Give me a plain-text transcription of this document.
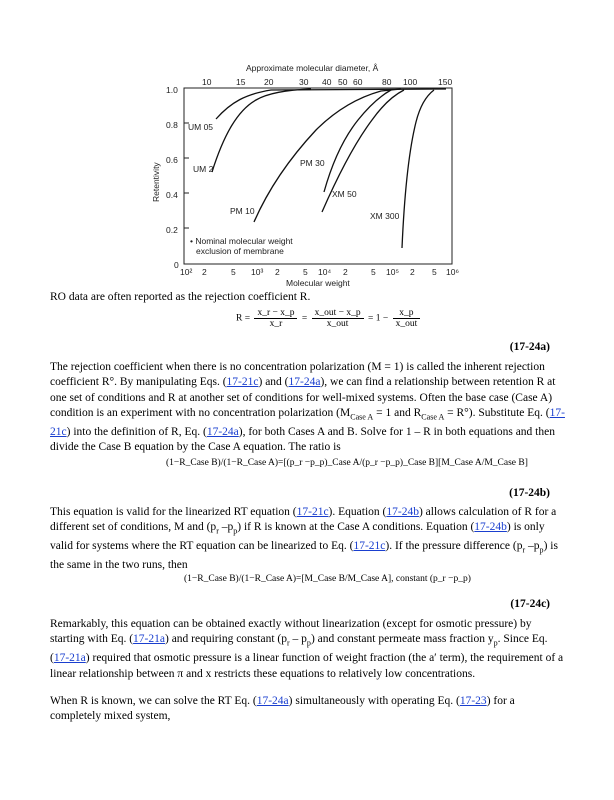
Approximate molecular diameter, Å
10	15 20	30 40 50 60 80 100 150
1.0
0.8
0.6
0.4
0.2
0
Retentivity
10² 2	5 10³ 2	5 10⁴ 2	5 10⁵ 2 5 10⁶
Molecular weight
UM 05
UM 2
PM 30
XM 50
PM 10	XM 300
• Nominal molecular weight
exclusion of membrane
RO data are often reported as the rejection coefficient R.
$R = \frac{x\_r - x\_p}{x\_r} = \frac{\text{x\_out − x\_p}}{\text{x\_out}} = 1 - \frac{x\_p}{\text{x\_out}}$
(17-24a)
The rejection coefficient when there is no concentration polarization (M = 1) is called the inherent rejection coefficient R°. By manipulating Eqs. (17-21c) and (17-24a), we can find a relationship between retention R at one set of conditions and R at another set of conditions for well-mixed systems. Often the base case (Case A) condition is an experiment with no concentration polarization ($M_{Case A} = 1$ and $R_{Case A} = R^\circ$). Substitute Eq. (17-21c) into the definition of R, Eq. (17-24a), for both Cases A and B. Solve for 1 – R in both equations and then divide the Case B equation by the Case A equation. The ratio is
(1−R_Case B)/(1−R_Case A)=[(p_r −p_p)_Case A/(p_r −p_p)_Case B][M_Case A/M_Case B]
(17-24b)
This equation is valid for the linearized RT equation (17-21c). Equation (17-24b) allows calculation of R for a different set of conditions, M and ($p_r$ $-p_p$) if R is known at the Case A conditions. Equation (17-24b) is only valid for systems where the RT equation can be linearized to Eq. (17-21c). If the pressure difference ($p_r$ $-p_p$) is the same in the two runs, then
(1−R_Case B)/(1−R_Case A)=[M_Case B/M_Case A], constant (p_r −p_p)
(17-24c)
Remarkably, this equation can be obtained exactly without linearization (except for osmotic pressure) by starting with Eq. (17-21a) and requiring constant $(p_r - p_p)$ and constant permeate mass fraction $y_p$. Since Eq. (17-21a) required that osmotic pressure is a linear function of weight fraction (the a′ term), the requirement of a linear relationship between π and x restricts these equations to relatively low concentrations.
When R is known, we can solve the RT Eq. (17-24a) simultaneously with operating Eq. (17-23) for a completely mixed system,
